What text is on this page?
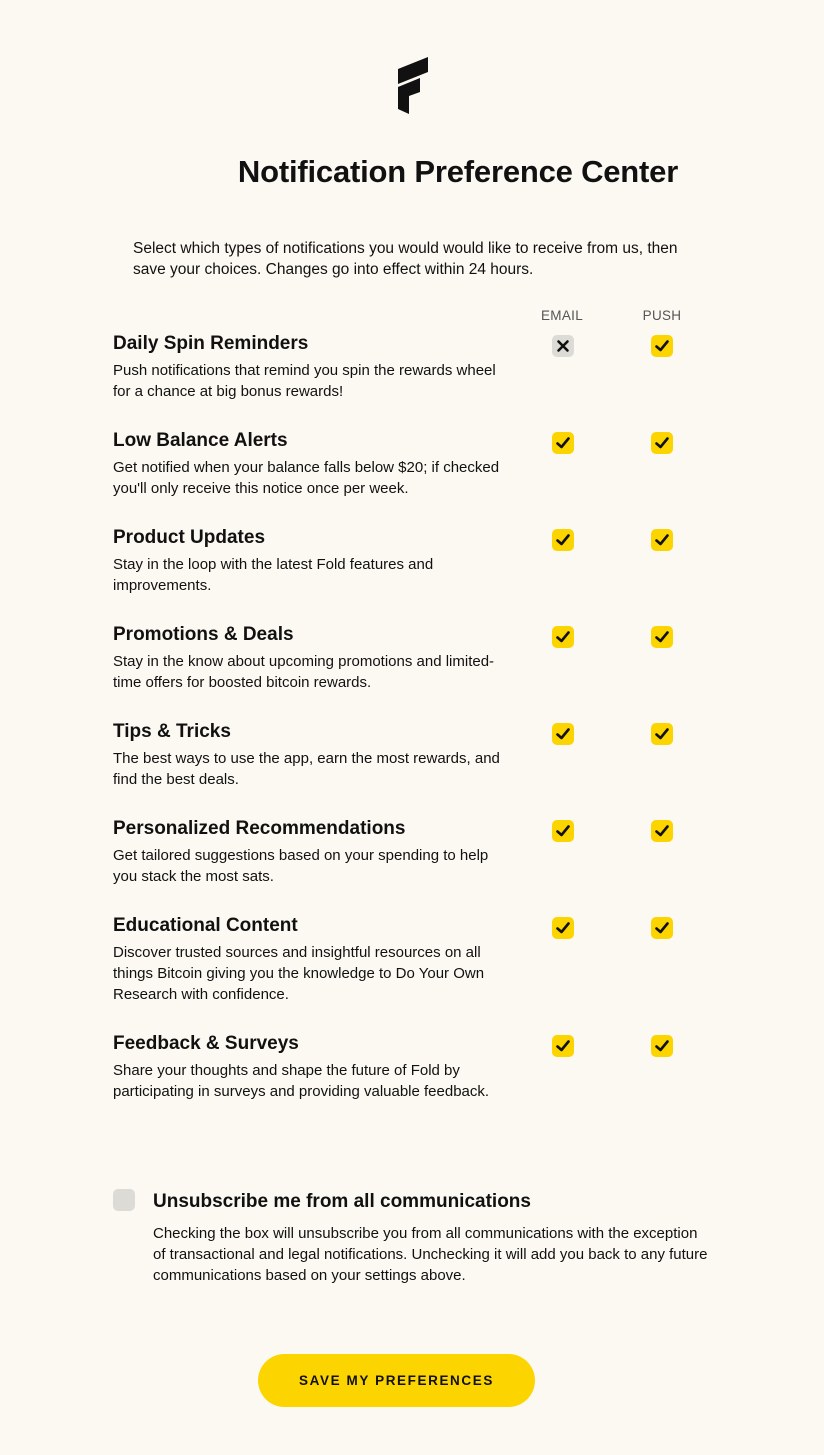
Notification Preference Center

Select which types of notifications you would would like to receive from us, then save your choices. Changes go into effect within 24 hours.

EMAIL	PUSH
Daily Spin Reminders

Push notifications that remind you spin the rewards wheel for a chance at big bonus rewards!

Low Balance Alerts

Get notified when your balance falls below $20; if checked you'll only receive this notice once per week.

Product Updates

Stay in the loop with the latest Fold features and improvements.

Promotions & Deals

Stay in the know about upcoming promotions and limited-time offers for boosted bitcoin rewards.

Tips & Tricks

The best ways to use the app, earn the most rewards, and find the best deals.

Personalized Recommendations

Get tailored suggestions based on your spending to help you stack the most sats.

Educational Content

Discover trusted sources and insightful resources on all things Bitcoin giving you the knowledge to Do Your Own Research with confidence.

Feedback & Surveys

Share your thoughts and shape the future of Fold by participating in surveys and providing valuable feedback.

Unsubscribe me from all communications

Checking the box will unsubscribe you from all communications with the exception of transactional and legal notifications. Unchecking it will add you back to any future communications based on your settings above.

SAVE MY PREFERENCES
